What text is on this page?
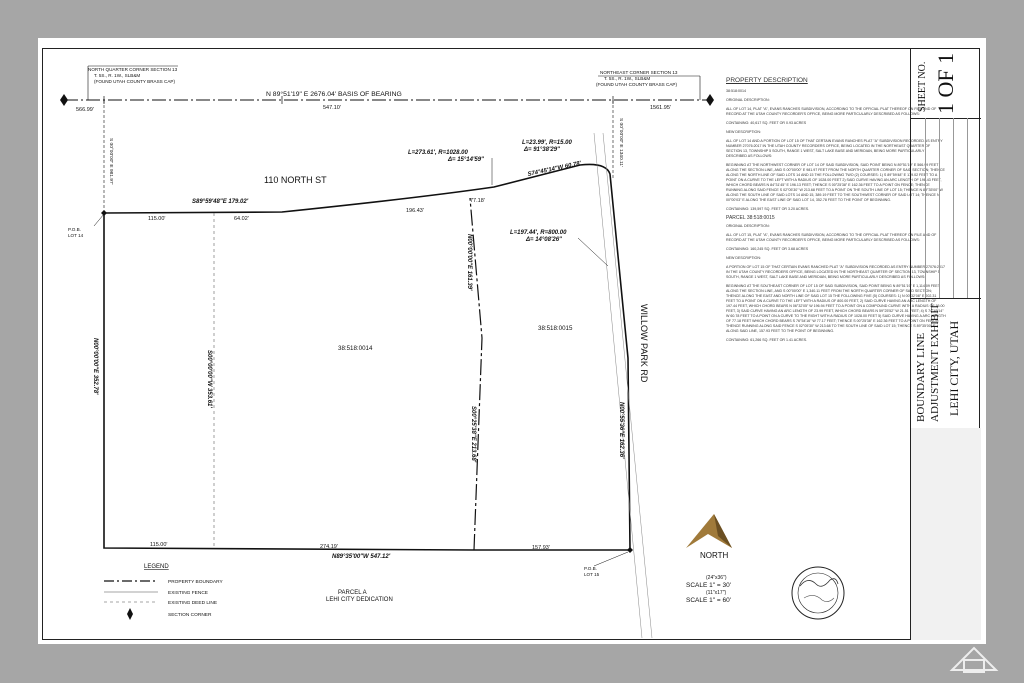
NORTH QUARTER CORNER SECTION 13
T. 5S., R. 1W., SLB&M
(FOUND UTAH COUNTY BRASS CAP)
NORTHEAST CORNER SECTION 13
T. 5S., R. 1W., SLB&M
(FOUND UTAH COUNTY BRASS CAP)
N 89°51'19" E 2676.04' BASIS OF BEARING
566.99'	547.10'	1561.95'
S 00°00'00" E 981.97'	S 00°00'00" E 1340.11'
110 NORTH ST
WILLOW PARK RD
S89°59'48"E 179.02'
115.00'	64.02'
196.43'
77.18'
L=273.61', R=1028.00
Δ= 15°14'59"
L=23.99', R=15.00
Δ= 91°38'29"
S74°45'14"W 60.78'
L=197.44', R=800.00
Δ= 14°08'26"
N00°00'00"E 352.78'	S00°00'00"W 353.61'
N00°00'00"E 161.39'
S00°25'38"E 213.68'	N00°55'36"E 162.36'
38:518:0014
38:518:0015
115.00'	274.19'	157.93'
N89°35'00"W 547.12'
P.O.B.
LOT 14
P.O.B.
LOT 15
PARCEL A
LEHI CITY DEDICATION
LEGEND
PROPERTY BOUNDARY
EXISTING FENCE
EXISTING DEED LINE
SECTION CORNER
NORTH
(24"x36")
SCALE 1" = 30'
(11"x17")
SCALE 1" = 60'
PROPERTY DESCRIPTION
38:518:0014
ORIGINAL DESCRIPTION:
ALL OF LOT 14, PLAT "A", EVANS RANCHES SUBDIVISION, ACCORDING TO THE OFFICIAL PLAT THEREOF ON FILE AND OF RECORD AT THE UTAH COUNTY RECORDER'S OFFICE, BEING MORE PARTICULARLY DESCRIBED AS FOLLOWS:
CONTAINING: 40,617 SQ. FEET OR 0.93 ACRES
NEW DESCRIPTION:
ALL OF LOT 14 AND A PORTION OF LOT 15 OF THAT CERTAIN EVANS RANCHES PLAT "A" SUBDIVISION RECORDED AS ENTRY NUMBER 27076:2017 IN THE UTAH COUNTY RECORDERS OFFICE, BEING LOCATED IN THE NORTHEAST QUARTER OF SECTION 13, TOWNSHIP 5 SOUTH, RANGE 1 WEST, SALT LAKE BASE AND MERIDIAN, BEING MORE PARTICULARLY DESCRIBED AS FOLLOWS:
BEGINNING AT THE NORTHWEST CORNER OF LOT 14 OF SAID SUBDIVISION, SAID POINT BEING N 89°51'19" E 566.99 FEET ALONG THE SECTION LINE, AND S 00°00'00" E 981.97 FEET FROM THE NORTH QUARTER CORNER OF SAID SECTION; THENCE ALONG THE NORTH LINE OF SAID LOTS 14 AND 15 THE FOLLOWING TWO (2) COURSES: 1) S 89°59'48" E 179.02 FEET TO A POINT ON A CURVE TO THE LEFT WITH A RADIUS OF 1028.00 FEET 2) SAID CURVE HAVING AN ARC LENGTH OF 196.43 FEET, WHICH CHORD BEARS N 84°31'45" E 196.13 FEET; THENCE S 00°25'38" E 162.36 FEET TO A POINT ON FENCE; THENCE RUNNING ALONG SAID FENCE S 02°05'30" W 213.68 FEET TO A POINT ON THE SOUTH LINE OF LOT 15; THENCE N 89°35'00" W ALONG THE SOUTH LINE OF SAID LOTS 14 AND 15, 389.19 FEET TO THE SOUTHWEST CORNER OF SAID LOT 14; THENCE N 00°00'03" E ALONG THE EAST LINE OF SAID LOT 14, 352.78 FEET TO THE POINT OF BEGINNING.
CONTAINING: 139,597 SQ. FEET OR 3.20 ACRES.
PARCEL 38:518:0015
ORIGINAL DESCRIPTION:
ALL OF LOT 15, PLAT "A", EVANS RANCHES SUBDIVISION, ACCORDING TO THE OFFICIAL PLAT THEREOF ON FILE AND OF RECORD AT THE UTAH COUNTY RECORDER'S OFFICE, BEING MORE PARTICULARLY DESCRIBED AS FOLLOWS:
CONTAINING: 160,245 SQ. FEET OR 3.68 ACRES
NEW DESCRIPTION:
A PORTION OF LOT 15 OF THAT CERTAIN EVANS RANCHED PLAT "A" SUBDIVISION RECORDED AS ENTRY NUMBER 27076:2017 IN THE UTAH COUNTY RECORDERS OFFICE, BEING LOCATED IN THE NORTHEAST QUARTER OF SECTION 13, TOWNSHIP 5 SOUTH, RANGE 1 WEST, SALT LAKE BASE AND MERIDIAN, BEING MORE PARTICULARLY DESCRIBED AS FOLLOWS:
BEGINNING AT THE SOUTHEAST CORNER OF LOT 15 OF SAID SUBDIVISION, SAID POINT BEING N 89°51'19" E 1,114.09 FEET ALONG THE SECTION LINE, AND S 00°00'00" E 1,340.11 FEET FROM THE NORTH QUARTER CORNER OF SAID SECTION; THENCE ALONG THE EAST AND NORTH LINE OF SAID LOT 15 THE FOLLOWING FIVE (5) COURSES: 1) N 00°32'08" E 202.31 FEET TO A POINT ON A CURVE TO THE LEFT WITH A RADIUS OF 800.00 FEET, 2) SAID CURVE HAVING AN ARC LENGTH OF 197.44 FEET, WHICH CHORD BEARS N 06°32'05" W 196.94 FEET TO A POINT ON A COMPOUND CURVE WITH A RADIUS OF 15.00 FEET, 3) SAID CURVE HAVING AN ARC LENGTH OF 23.99 FEET, WHICH CHORD BEARS N 59°25'52" W 21.51 FEET; 4) S 74°45'14" W 60.78 FEET TO A POINT ON A CURVE TO THE RIGHT WITH A RADIUS OF 1028.00 FEET 5) SAID CURVE HAVING A ARC LENGTH OF 77.18 FEET WHICH CHORD BEARS S 76°54'16" W 77.17 FEET; THENCE S 00°25'38" E 162.36 FEET TO A POINT ON FENCE; THENCE RUNNING ALONG SAID FENCE S 02°05'30" W 213.68 TO THE SOUTH LINE OF SAID LOT 15; THENCE S 89°35'00" E ALONG SAID LINE, 157.93 FEET TO THE POINT OF BEGINNING.
CONTAINING: 61,266 SQ. FEET OR 1.41 ACRES.
SHEET NO. 1 OF 1
BOUNDARY LINE ADJUSTMENT EXHIBIT LEHI CITY, UTAH
